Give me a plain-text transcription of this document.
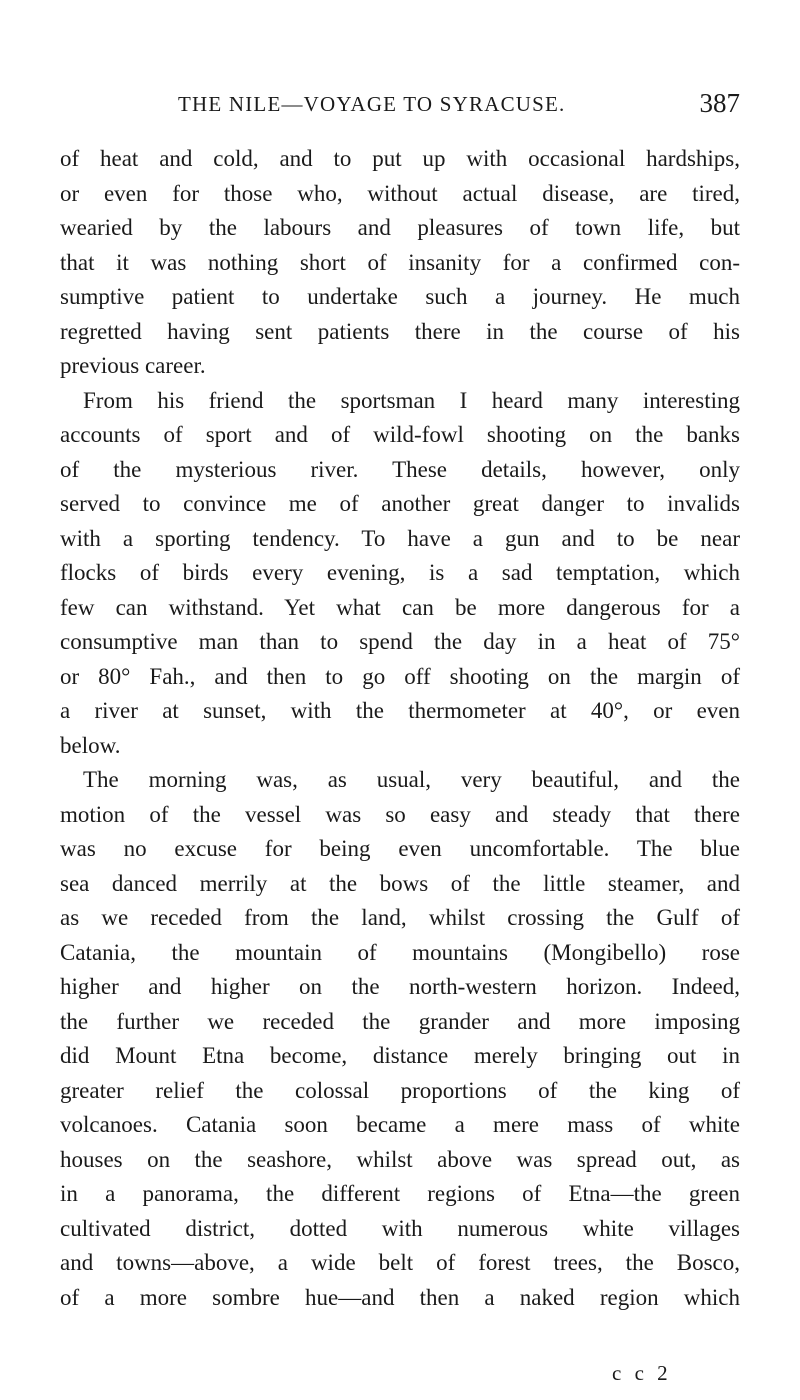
THE NILE—VOYAGE TO SYRACUSE.	387
of heat and cold, and to put up with occasional hardships,
or even for those who, without actual disease, are tired,
wearied by the labours and pleasures of town life, but
that it was nothing short of insanity for a confirmed con-
sumptive patient to undertake such a journey. He much
regretted having sent patients there in the course of his
previous career.
From his friend the sportsman I heard many interesting
accounts of sport and of wild-fowl shooting on the banks
of the mysterious river. These details, however, only
served to convince me of another great danger to invalids
with a sporting tendency. To have a gun and to be near
flocks of birds every evening, is a sad temptation, which
few can withstand. Yet what can be more dangerous for a
consumptive man than to spend the day in a heat of 75°
or 80° Fah., and then to go off shooting on the margin of
a river at sunset, with the thermometer at 40°, or even
below.
The morning was, as usual, very beautiful, and the
motion of the vessel was so easy and steady that there
was no excuse for being even uncomfortable. The blue
sea danced merrily at the bows of the little steamer, and
as we receded from the land, whilst crossing the Gulf of
Catania, the mountain of mountains (Mongibello) rose
higher and higher on the north-western horizon. Indeed,
the further we receded the grander and more imposing
did Mount Etna become, distance merely bringing out in
greater relief the colossal proportions of the king of
volcanoes. Catania soon became a mere mass of white
houses on the seashore, whilst above was spread out, as
in a panorama, the different regions of Etna—the green
cultivated district, dotted with numerous white villages
and towns—above, a wide belt of forest trees, the Bosco,
of a more sombre hue—and then a naked region which
c c 2
